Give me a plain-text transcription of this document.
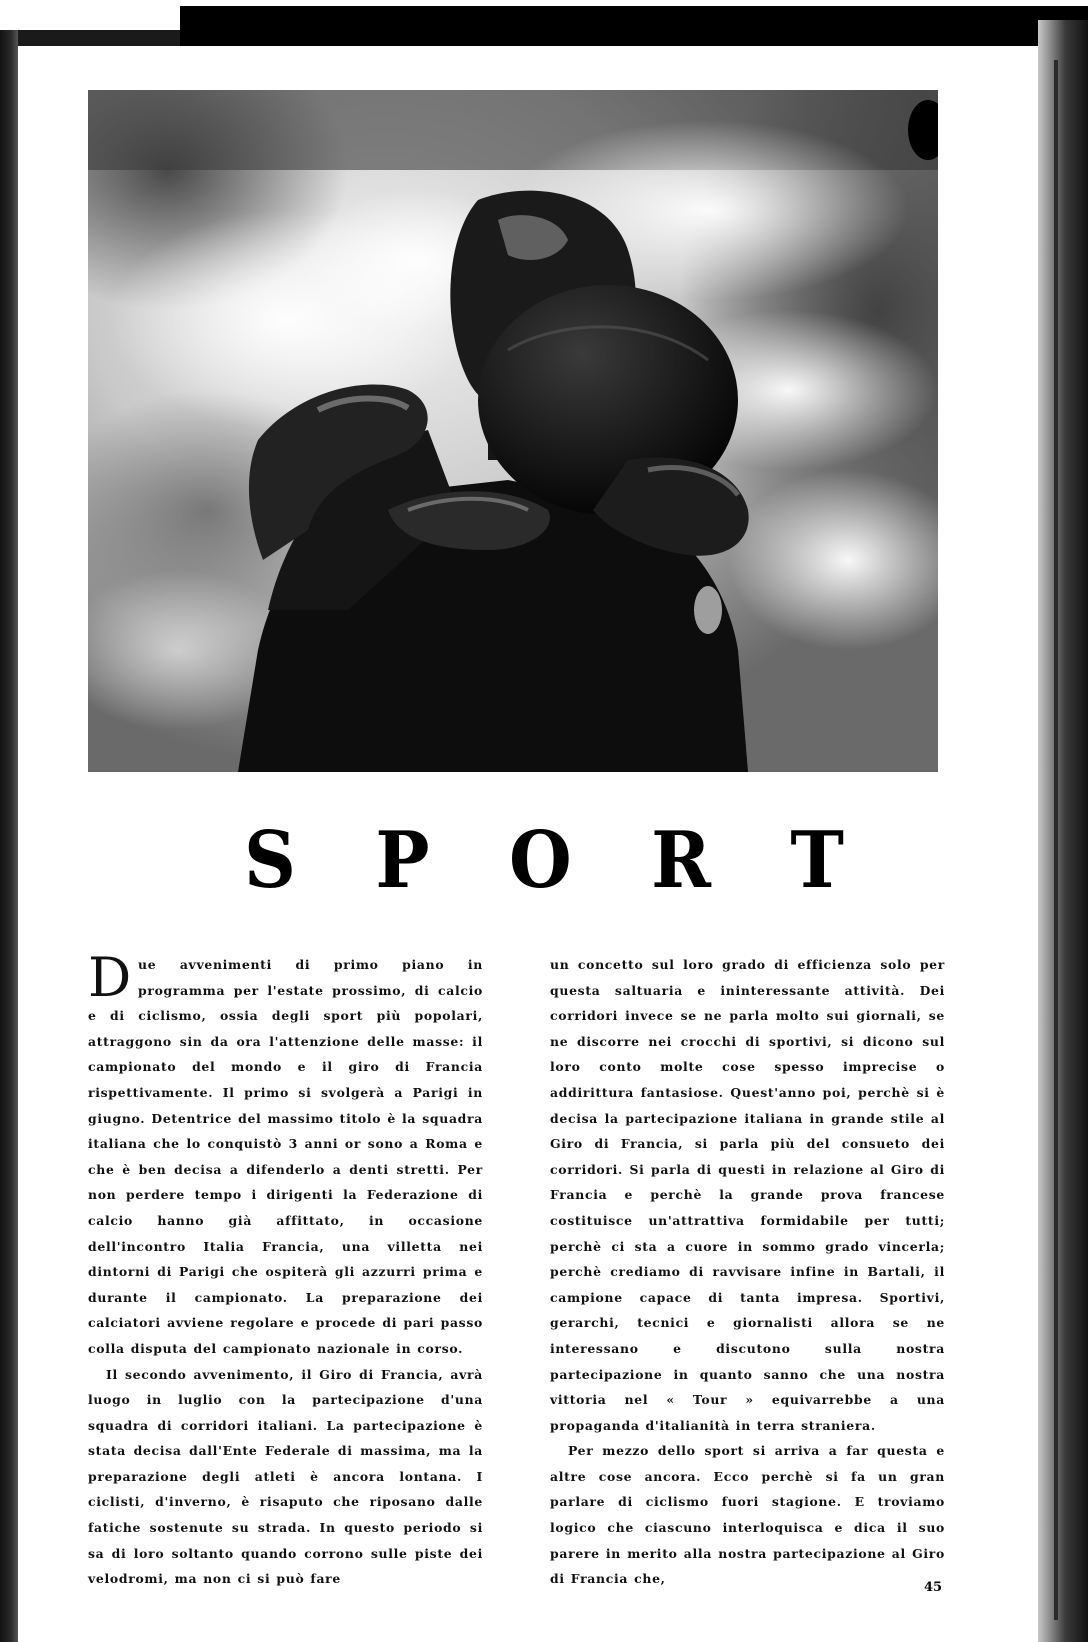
S P O R T

Due avvenimenti di primo piano in programma per l'estate prossimo, di calcio e di ciclismo, ossia degli sport più popolari, attraggono sin da ora l'attenzione delle masse: il campionato del mondo e il giro di Francia rispettivamente. Il primo si svolgerà a Parigi in giugno. Detentrice del massimo titolo è la squadra italiana che lo conquistò 3 anni or sono a Roma e che è ben decisa a difenderlo a denti stretti. Per non perdere tempo i dirigenti la Federazione di calcio hanno già affittato, in occasione dell'incontro Italia Francia, una villetta nei dintorni di Parigi che ospiterà gli azzurri prima e durante il campionato. La preparazione dei calciatori avviene regolare e procede di pari passo colla disputa del campionato nazionale in corso.

Il secondo avvenimento, il Giro di Francia, avrà luogo in luglio con la partecipazione d'una squadra di corridori italiani. La partecipazione è stata decisa dall'Ente Federale di massima, ma la preparazione degli atleti è ancora lontana. I ciclisti, d'inverno, è risaputo che riposano dalle fatiche sostenute su strada. In questo periodo si sa di loro soltanto quando corrono sulle piste dei velodromi, ma non ci si può fare

un concetto sul loro grado di efficienza solo per questa saltuaria e ininteressante attività. Dei corridori invece se ne parla molto sui giornali, se ne discorre nei crocchi di sportivi, si dicono sul loro conto molte cose spesso imprecise o addirittura fantasiose. Quest'anno poi, perchè si è decisa la partecipazione italiana in grande stile al Giro di Francia, si parla più del consueto dei corridori. Si parla di questi in relazione al Giro di Francia e perchè la grande prova francese costituisce un'attrattiva formidabile per tutti; perchè ci sta a cuore in sommo grado vincerla; perchè crediamo di ravvisare infine in Bartali, il campione capace di tanta impresa. Sportivi, gerarchi, tecnici e giornalisti allora se ne interessano e discutono sulla nostra partecipazione in quanto sanno che una nostra vittoria nel « Tour » equivarrebbe a una propaganda d'italianità in terra straniera.

Per mezzo dello sport si arriva a far questa e altre cose ancora. Ecco perchè si fa un gran parlare di ciclismo fuori stagione. E troviamo logico che ciascuno interloquisca e dica il suo parere in merito alla nostra partecipazione al Giro di Francia che,

45
